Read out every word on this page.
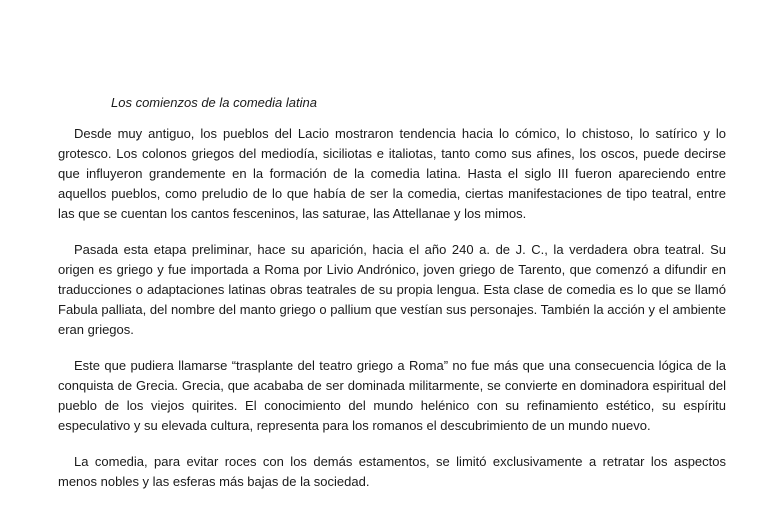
Los comienzos de la comedia latina

Desde muy antiguo, los pueblos del Lacio mostraron tendencia hacia lo cómico, lo chistoso, lo satírico y lo grotesco. Los colonos griegos del mediodía, siciliotas e italiotas, tanto como sus afines, los oscos, puede decirse que influyeron grandemente en la formación de la comedia latina. Hasta el siglo III fueron apareciendo entre aquellos pueblos, como preludio de lo que había de ser la comedia, ciertas manifestaciones de tipo teatral, entre las que se cuentan los cantos fesceninos, las saturae, las Attellanae y los mimos.

Pasada esta etapa preliminar, hace su aparición, hacia el año 240 a. de J. C., la verdadera obra teatral. Su origen es griego y fue importada a Roma por Livio Andrónico, joven griego de Tarento, que comenzó a difundir en traducciones o adaptaciones latinas obras teatrales de su propia lengua. Esta clase de comedia es lo que se llamó Fabula palliata, del nombre del manto griego o pallium que vestían sus personajes. También la acción y el ambiente eran griegos.

Este que pudiera llamarse “trasplante del teatro griego a Roma” no fue más que una consecuencia lógica de la conquista de Grecia. Grecia, que acababa de ser dominada militarmente, se convierte en dominadora espiritual del pueblo de los viejos quirites. El conocimiento del mundo helénico con su refinamiento estético, su espíritu especulativo y su elevada cultura, representa para los romanos el descubrimiento de un mundo nuevo.

La comedia, para evitar roces con los demás estamentos, se limitó exclusivamente a retratar los aspectos menos nobles y las esferas más bajas de la sociedad.
